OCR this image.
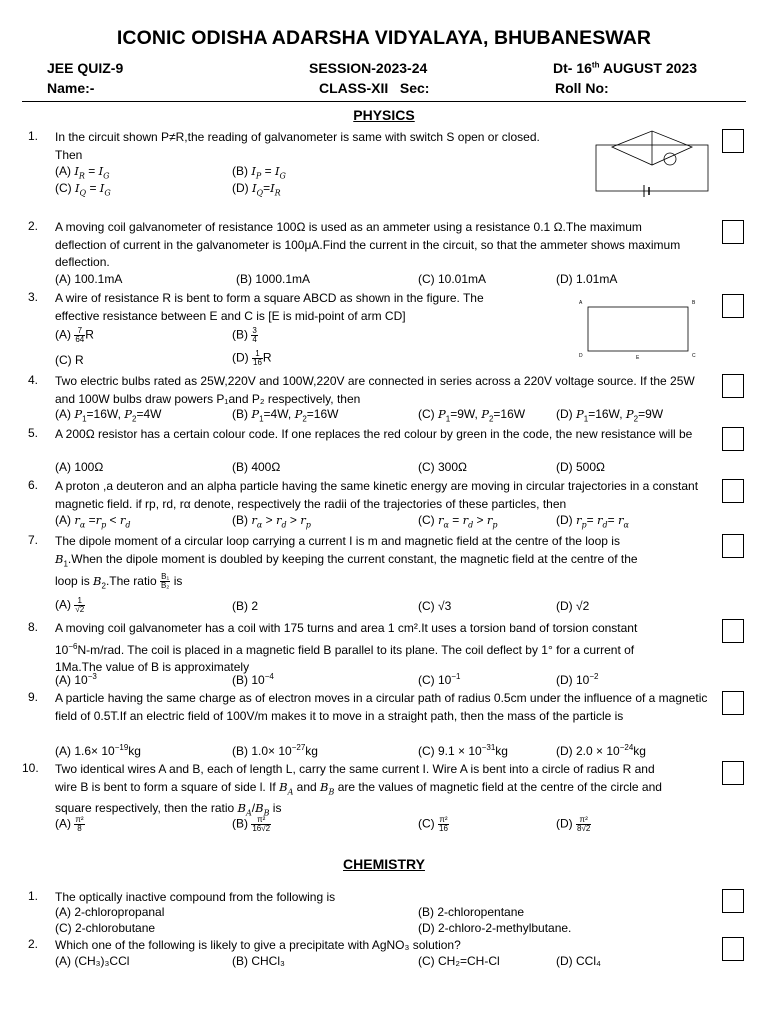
ICONIC ODISHA ADARSHA VIDYALAYA, BHUBANESWAR
JEE QUIZ-9	SESSION-2023-24	Dt- 16th AUGUST 2023
Name:-	CLASS-XII   Sec:	Roll No:
PHYSICS
1. In the circuit shown P≠R,the reading of galvanometer is same with switch S open or closed.
Then
(A) $I_R = I_G$	(B) $I_P = I_G$
(C) $I_Q = I_G$	(D) $I_Q=I_R$
2. A moving coil galvanometer of resistance 100Ω is used as an ammeter using a resistance 0.1 Ω.The maximum deflection of current in the galvanometer is 100μA.Find the current in the circuit, so that the ammeter shows maximum deflection.
(A) 100.1mA	(B) 1000.1mA	(C) 10.01mA	(D) 1.01mA
3. A wire of resistance R is bent to form a square ABCD as shown in the figure. The effective resistance between E and C is [E is mid-point of arm CD]
$(A) \frac{7}{64}$ R	$(B) \frac{3}{4}$
(C) R	$(D) \frac{1}{16}$ R
A	B
C
D	E
4. Two electric bulbs rated as 25W,220V and 100W,220V are connected in series across a 220V voltage source. If the 25W and 100W bulbs draw powers P₁and P₂ respectively, then
(A) $P_1=16W$, $P_2=4W$	(B) $P_1=4W$, $P_2=16W$	(C) $P_1=9W$, $P_2=16W$	(D) $P_1=16W$, $P_2=9W$
5. A 200Ω resistor has a certain colour code. If one replaces the red colour by green in the code, the new resistance will be
(A) 100Ω	(B) 400Ω	(C) 300Ω	(D) 500Ω
6. A proton ,a deuteron and an alpha particle having the same kinetic energy are moving in circular trajectories in a constant magnetic field. if rp, rd, rα denote, respectively the radii of the trajectories of these particles, then
(A) $r_\alpha =r_p < r_d$	(B) $r_\alpha > r_d > r_p$	(C) $r_\alpha = r_d > r_p$	(D) $r_p= r_d= r_\alpha$
7. The dipole moment of a circular loop carrying a current I is m and magnetic field at the centre of the loop is
$B_1.When$ the dipole moment is doubled by keeping the current constant, the magnetic field at the centre of the
loop is $B_2.The$ ratio $\frac{\text{B₁}}{\text{B₂}}$ is
$(A) \frac{1}{√2}$	(B) 2	(C) √3	(D) √2
8. A moving coil galvanometer has a coil with 175 turns and area 1 cm².It uses a torsion band of torsion constant
$10^{-6}N-m$/rad. The coil is placed in a magnetic field B parallel to its plane. The coil deflect by 1° for a current of
1Ma.The value of B is approximately
(A) $10^{-3}$	(B) $10^{-4}$	(C) $10^{-1}$	(D) $10^{-2}$
9. A particle having the same charge as of electron moves in a circular path of radius 0.5cm under the influence of a magnetic field of 0.5T.If an electric field of 100V/m makes it to move in a straight path, then the mass of the particle is
(A) $1.6\times 10^{-19}kg$	(B) $1.0\times 10^{-27}kg$	(C) $9.1 \times 10^{-31}kg$	(D) $2.0 \times 10^{-24}kg$
10. Two identical wires A and B, each of length L, carry the same current I. Wire A is bent into a circle of radius R and
wire B is bent to form a square of side l. If $B_A$ and $B_B$ are the values of magnetic field at the centre of the circle and
square respectively, then the ratio $B_A/B_B$ is
$(A) \frac{\text{π²}}{8}$	$(B) \frac{\text{π²}}{16√2}$	$(C) \frac{\text{π²}}{16}$	$(D) \frac{\text{π²}}{8√2}$
CHEMISTRY
1. The optically inactive compound from the following is
(A) 2-chloropropanal	(B) 2-chloropentane
(C) 2-chlorobutane	(D) 2-chloro-2-methylbutane.
2. Which one of the following is likely to give a precipitate with AgNO₃ solution?
(A) (CH₃)₃CCl	(B) CHCl₃	(C) CH₂=CH-Cl	(D) CCl₄
